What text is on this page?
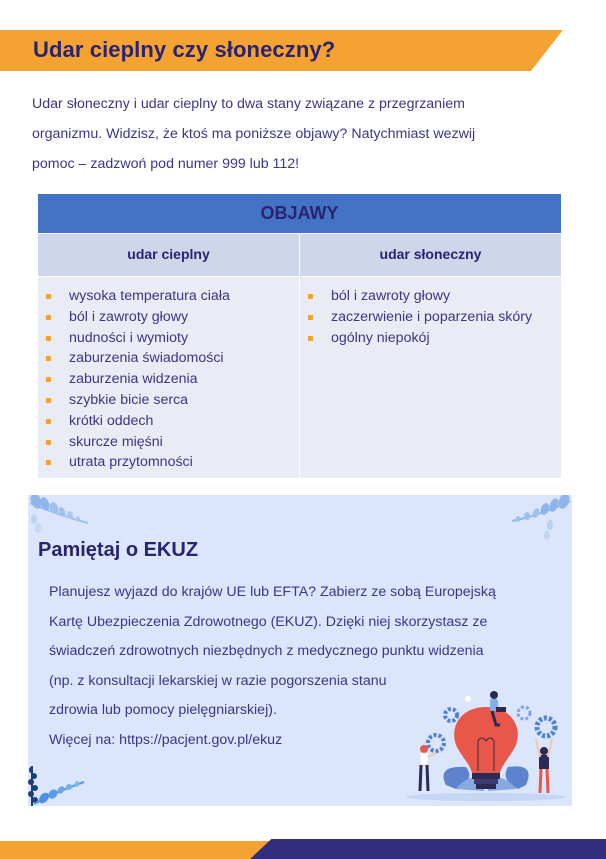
Udar cieplny czy słoneczny?

Udar słoneczny i udar cieplny to dwa stany związane z przegrzaniem

organizmu. Widzisz, że ktoś ma poniższe objawy? Natychmiast wezwij

pomoc – zadzwoń pod numer 999 lub 112!

OBJAWY
udar cieplny	udar słoneczny
wysoka temperatura ciała
ból i zawroty głowy
nudności i wymioty
zaburzenia świadomości
zaburzenia widzenia
szybkie bicie serca
krótki oddech
skurcze mięśni
utrata przytomności
ból i zawroty głowy
zaczerwienie i poparzenia skóry
ogólny niepokój
Pamiętaj o EKUZ

Planujesz wyjazd do krajów UE lub EFTA? Zabierz ze sobą Europejską

Kartę Ubezpieczenia Zdrowotnego (EKUZ). Dzięki niej skorzystasz ze

świadczeń zdrowotnych niezbędnych z medycznego punktu widzenia

(np. z konsultacji lekarskiej w razie pogorszenia stanu

zdrowia lub pomocy pielęgniarskiej).

Więcej na: https://pacjent.gov.pl/ekuz
